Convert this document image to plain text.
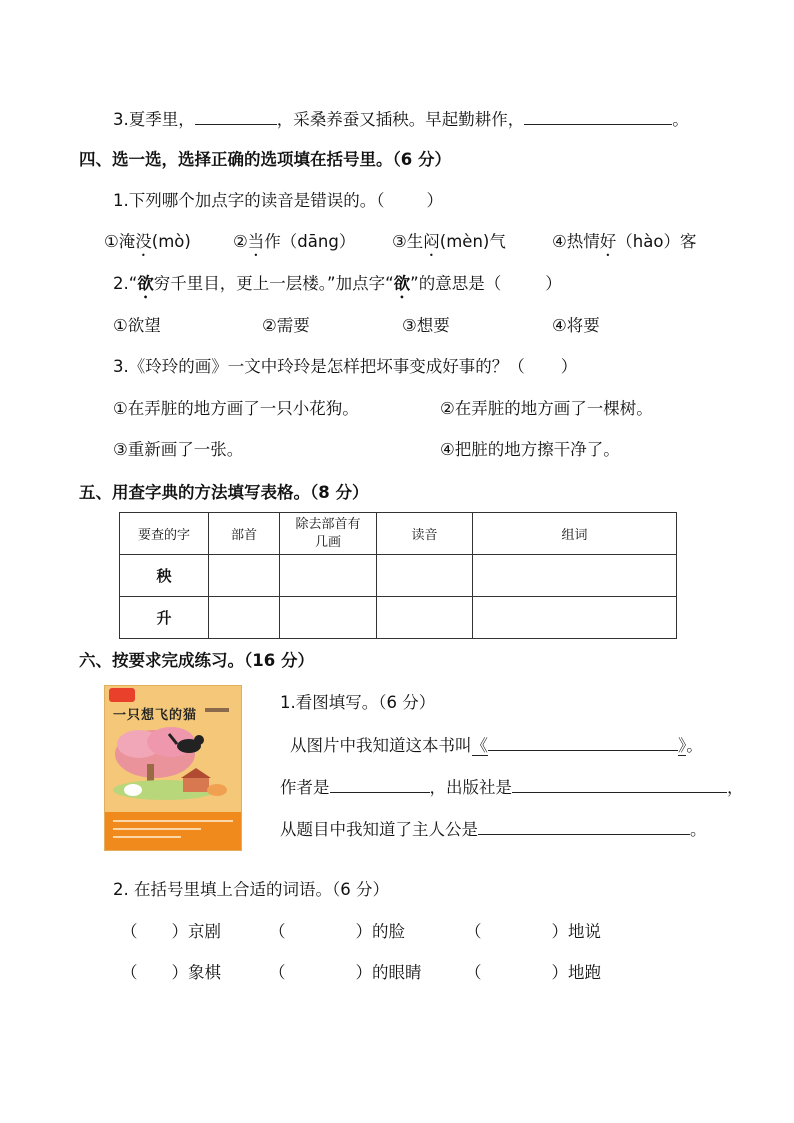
3.夏季里，	，采桑养蚕又插秧。早起勤耕作，	。
四、选一选，选择正确的选项填在括号里。（6 分）
1.下列哪个加点字的读音是错误的。（	）
①淹没(mò)	②当作（dāng） ③生闷(mèn)气	④热情好（hào）客
2.“欲穷千里目，更上一层楼。”加点字“欲”的意思是（	）
①欲望	②需要	③想要	④将要
3.《玲玲的画》一文中玲玲是怎样把坏事变成好事的？（ ）
①在弄脏的地方画了一只小花狗。	②在弄脏的地方画了一棵树。
③重新画了一张。	④把脏的地方擦干净了。
五、用查字典的方法填写表格。（8 分）
要查的字	部首	除去部首有
几画	读音	组词
秧				
升				
六、按要求完成练习。（16 分）
一只想飞的猫
1.看图填写。（6 分）
从图片中我知道这本书叫《	》。
作者是	，出版社是	，
从题目中我知道了主人公是	。
2. 在括号里填上合适的词语。（6 分）
（ ）京剧	（	）的脸	（	）地说
（ ）象棋	（	）的眼睛	（	）地跑
